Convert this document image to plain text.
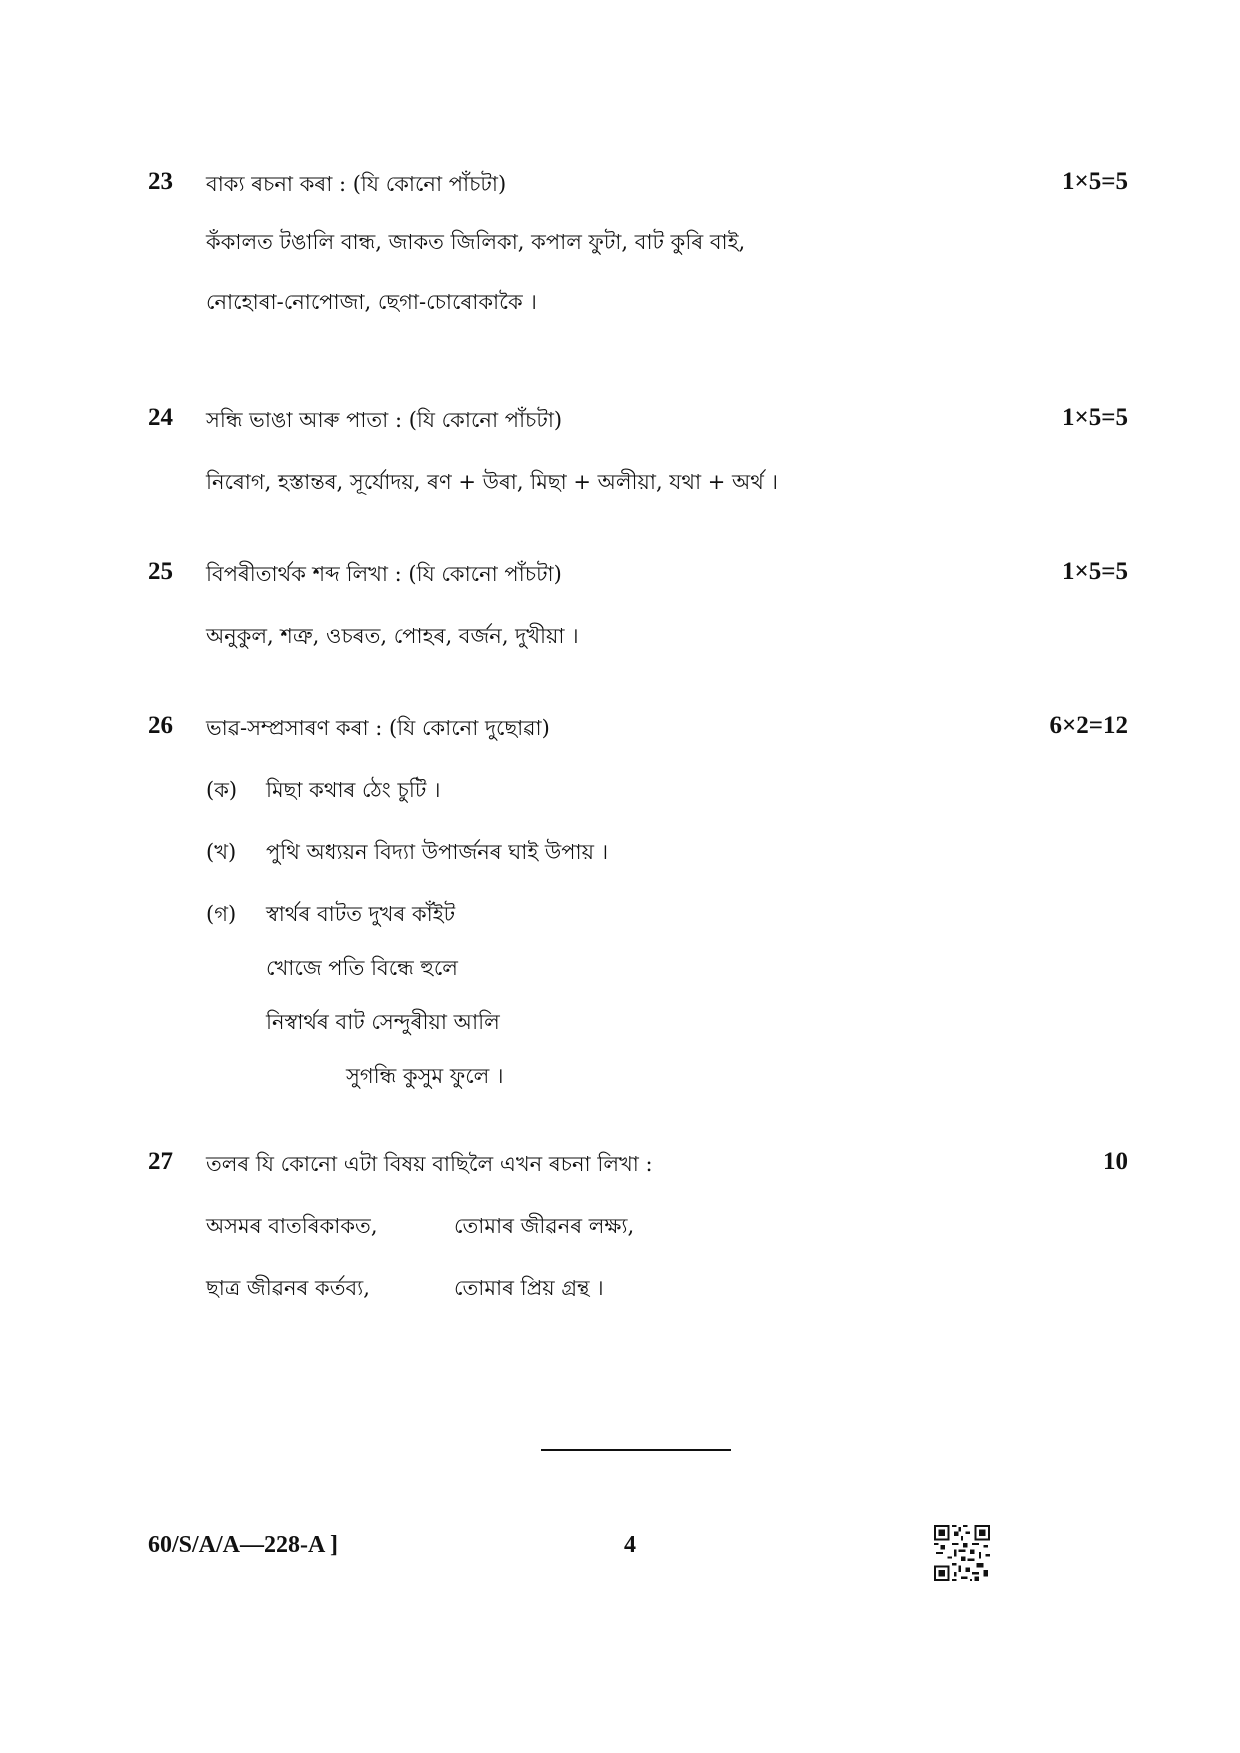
23 বাক্য ৰচনা কৰা : (যি কোনো পাঁচটা)	1×5=5
কঁকালত টঙালি বান্ধ, জাকত জিলিকা, কপাল ফুটা, বাট কুৰি বাই,
নোহোৰা-নোপোজা, ছেগা-চোৰোকাকৈ ।
24 সন্ধি ভাঙা আৰু পাতা : (যি কোনো পাঁচটা)	1×5=5
নিৰোগ, হস্তান্তৰ, সূৰ্যোদয়, ৰণ + উৰা, মিছা + অলীয়া, যথা + অৰ্থ ।
25 বিপৰীতাৰ্থক শব্দ লিখা : (যি কোনো পাঁচটা)	1×5=5
অনুকুল, শত্ৰু, ওচৰত, পোহৰ, বৰ্জন, দুখীয়া ।
26 ভাৱ-সম্প্ৰসাৰণ কৰা : (যি কোনো দুছোৱা)	6×2=12
(ক) মিছা কথাৰ ঠেং চুটি ।
(খ) পুথি অধ্যয়ন বিদ্যা উপাৰ্জনৰ ঘাই উপায় ।
(গ) স্বাৰ্থৰ বাটত দুখৰ কাঁইট
খোজে পতি বিন্ধে হুলে
নিস্বাৰ্থৰ বাট সেন্দুৰীয়া আলি
সুগন্ধি কুসুম ফুলে ।
27 তলৰ যি কোনো এটা বিষয় বাছিলৈ এখন ৰচনা লিখা :	10
অসমৰ বাতৰিকাকত,	তোমাৰ জীৱনৰ লক্ষ্য,
ছাত্ৰ জীৱনৰ কৰ্তব্য,	তোমাৰ প্ৰিয় গ্ৰন্থ ।
60/S/A/A—228-A ]	4
